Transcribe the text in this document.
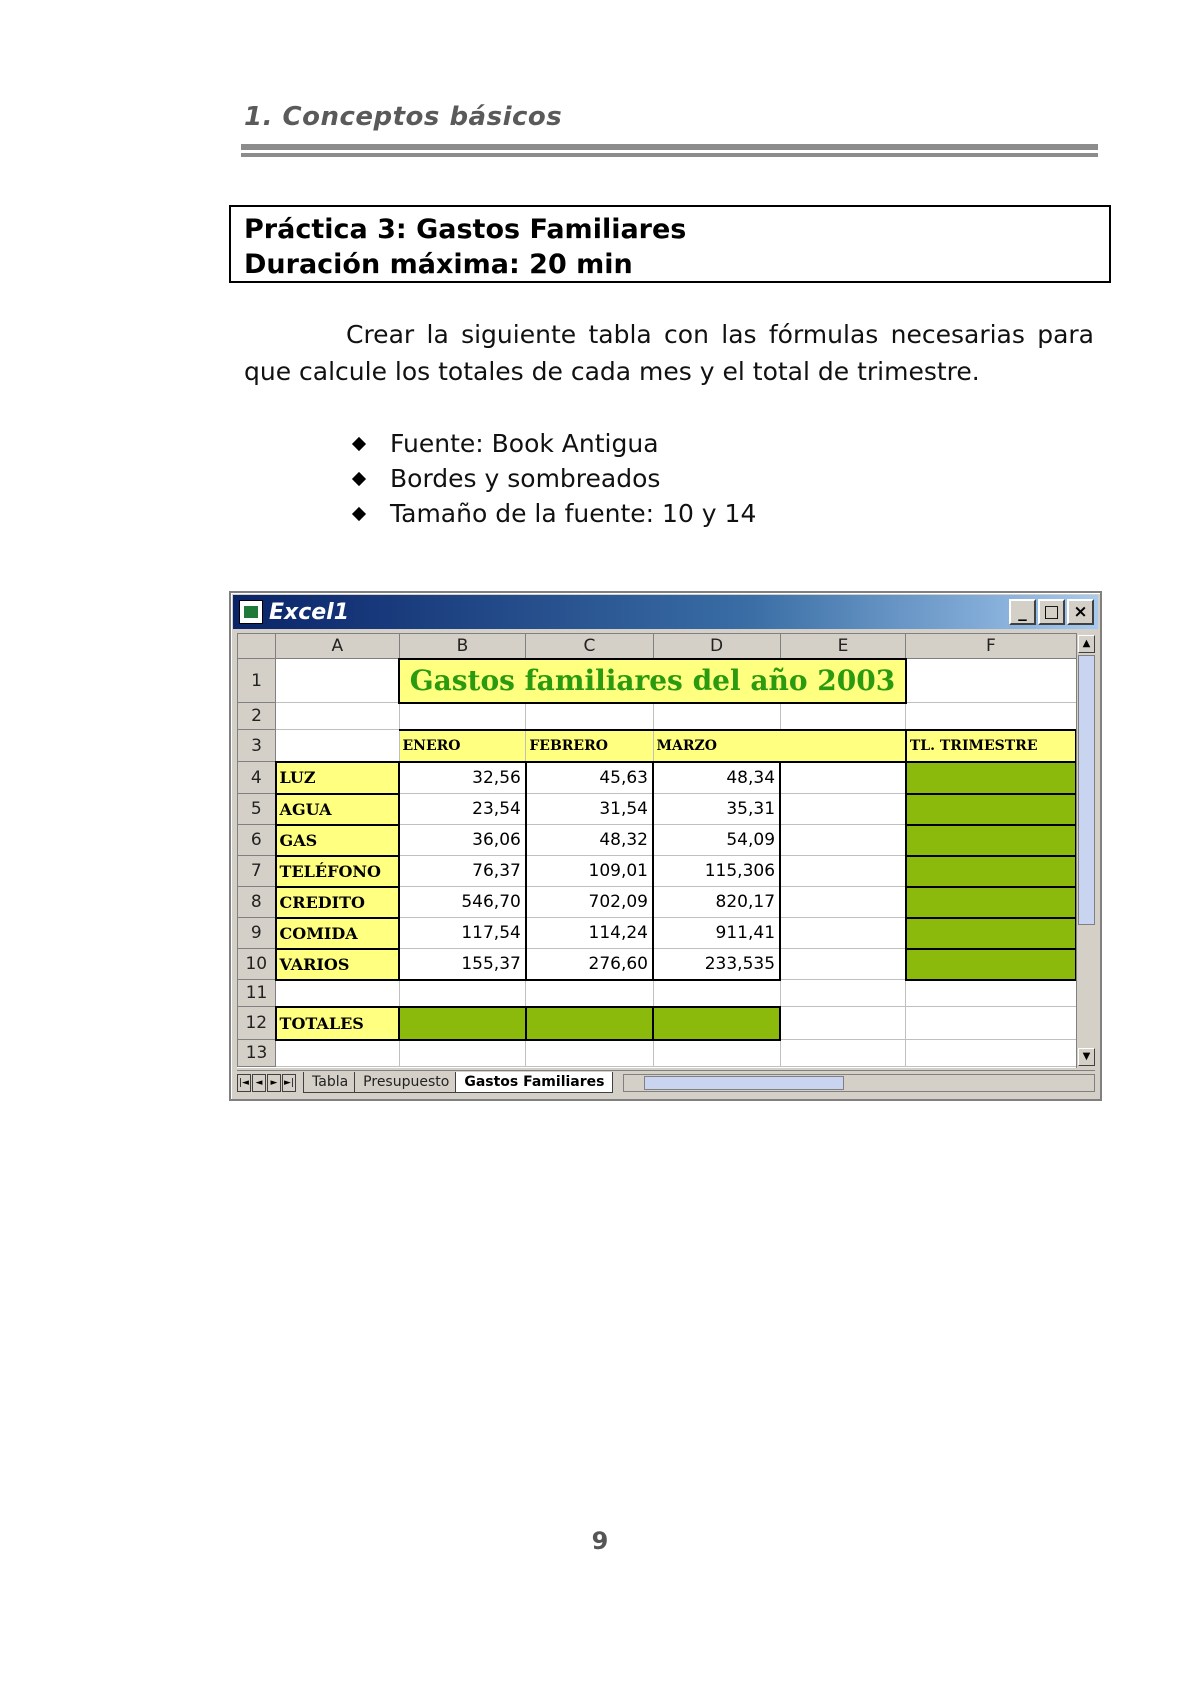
1. Conceptos básicos
Práctica 3: Gastos Familiares
Duración máxima: 20 min

Crear la siguiente tabla con las fórmulas necesarias para que calcule los totales de cada mes y el total de trimestre.

Fuente: Book Antigua
Bordes y sombreados
Tamaño de la fuente: 10 y 14
Excel1	_ □ ×
	A	B	C	D	E	F
1		Gastos familiares del año 2003				
2						
3		ENERO	FEBRERO	MARZO		TL. TRIMESTRE
4	LUZ	32,56	45,63	48,34		
5	AGUA	23,54	31,54	35,31		
6	GAS	36,06	48,32	54,09		
7	TELÉFONO	76,37	109,01	115,306		
8	CREDITO	546,70	702,09	820,17		
9	COMIDA	117,54	114,24	911,41		
10	VARIOS	155,37	276,60	233,535		
11						
12	TOTALES					
13						
▲
▼
|◄ ◄ ► ►|	Tabla	Presupuesto	Gastos Familiares
9
